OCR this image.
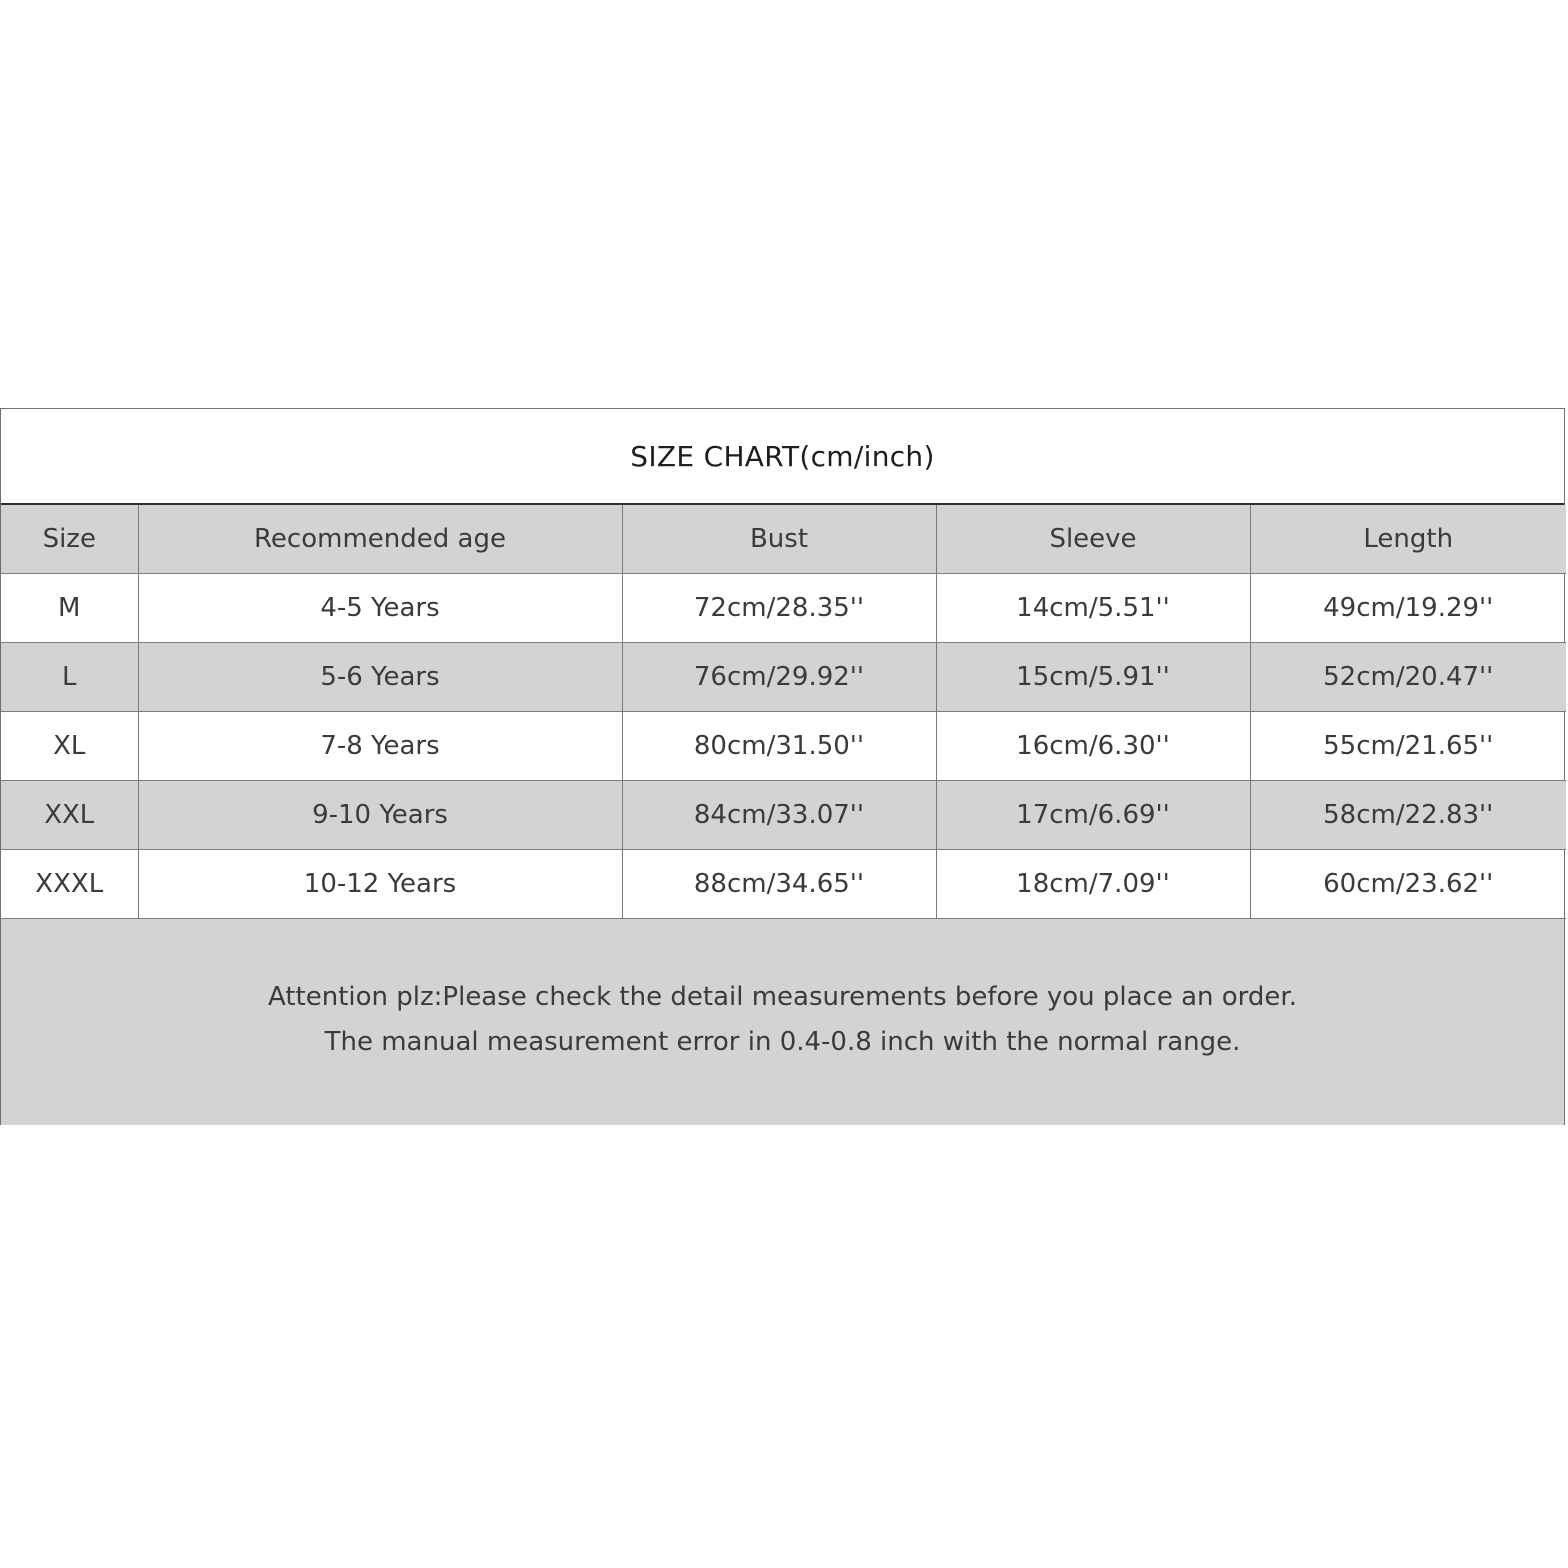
SIZE CHART(cm/inch)
Size	Recommended age	Bust	Sleeve	Length
M	4-5 Years	72cm/28.35''	14cm/5.51''	49cm/19.29''
L	5-6 Years	76cm/29.92''	15cm/5.91''	52cm/20.47''
XL	7-8 Years	80cm/31.50''	16cm/6.30''	55cm/21.65''
XXL	9-10 Years	84cm/33.07''	17cm/6.69''	58cm/22.83''
XXXL	10-12 Years	88cm/34.65''	18cm/7.09''	60cm/23.62''
Attention plz:Please check the detail measurements before you place an order.
The manual measurement error in 0.4-0.8 inch with the normal range.
